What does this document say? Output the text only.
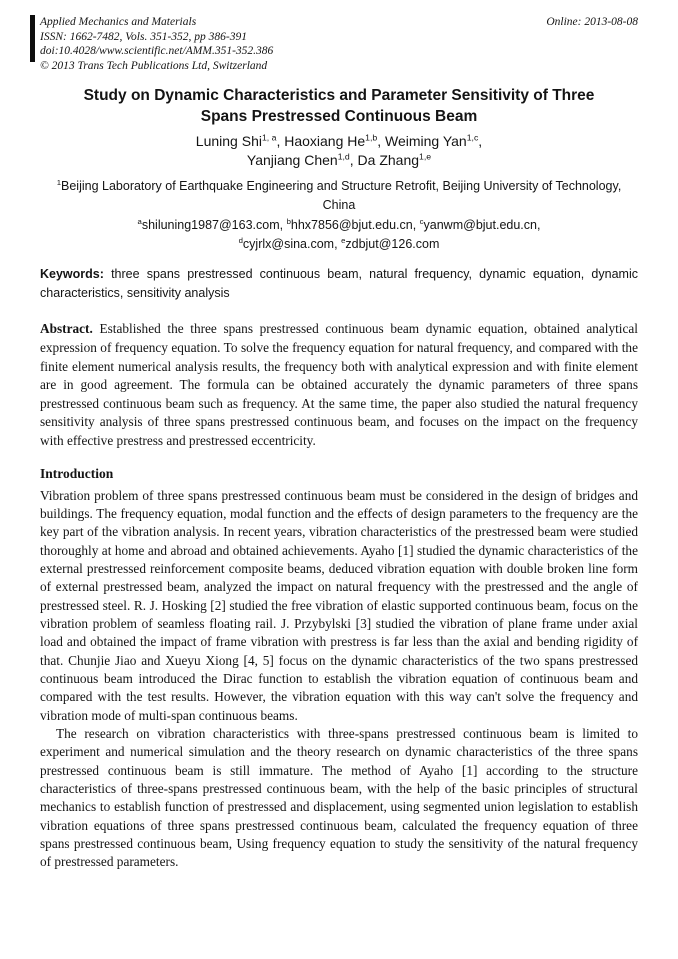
Applied Mechanics and Materials	Online: 2013-08-08
ISSN: 1662-7482, Vols. 351-352, pp 386-391
doi:10.4028/www.scientific.net/AMM.351-352.386
© 2013 Trans Tech Publications Ltd, Switzerland
Study on Dynamic Characteristics and Parameter Sensitivity of Three Spans Prestressed Continuous Beam
Luning Shi$^{1, a}$, Haoxiang He$^{1,b}$, Weiming Yan$^{1,c}$,
Yanjiang Chen$^{1,d}$, Da Zhang$^{1,e}$
$^1$Beijing Laboratory of Earthquake Engineering and Structure Retrofit, Beijing University of Technology, China
$^a$shiluning1987@163.com, $^b$hhx7856@bjut.edu.cn, $^c$yanwm@bjut.edu.cn,
$^d$cyjrlx@sina.com, $^e$zdbjut@126.com

Keywords: three spans prestressed continuous beam, natural frequency, dynamic equation, dynamic characteristics, sensitivity analysis

Abstract. Established the three spans prestressed continuous beam dynamic equation, obtained analytical expression of frequency equation. To solve the frequency equation for natural frequency, and compared with the finite element numerical analysis results, the frequency both with analytical expression and with finite element are in good agreement. The formula can be obtained accurately the dynamic parameters of three spans prestressed continuous beam such as frequency. At the same time, the paper also studied the natural frequency sensitivity analysis of three spans prestressed continuous beam, and focuses on the impact on the frequency with effective prestress and prestressed eccentricity.

Introduction

Vibration problem of three spans prestressed continuous beam must be considered in the design of bridges and buildings. The frequency equation, modal function and the effects of design parameters to the frequency are the key part of the vibration analysis. In recent years, vibration characteristics of the prestressed beam were studied thoroughly at home and abroad and obtained achievements. Ayaho [1] studied the dynamic characteristics of the external prestressed reinforcement composite beams, deduced vibration equation with double broken line form of external prestressed beam, analyzed the impact on natural frequency with the prestressed and the angle of prestressed steel. R. J. Hosking [2] studied the free vibration of elastic supported continuous beam, focus on the vibration problem of seamless floating rail. J. Przybylski [3] studied the vibration of plane frame under axial load and obtained the impact of frame vibration with prestress is far less than the axial and bending rigidity of that. Chunjie Jiao and Xueyu Xiong [4, 5] focus on the dynamic characteristics of the two spans prestressed continuous beam introduced the Dirac function to establish the vibration equation of continuous beam and compared with the test results. However, the vibration equation with this way can't solve the frequency and vibration mode of multi-span continuous beams.

The research on vibration characteristics with three-spans prestressed continuous beam is limited to experiment and numerical simulation and the theory research on dynamic characteristics of the three spans prestressed continuous beam is still immature. The method of Ayaho [1] according to the structure characteristics of three-spans prestressed continuous beam, with the help of the basic principles of structural mechanics to establish function of prestressed and displacement, using segmented union legislation to establish vibration equations of three spans prestressed continuous beam, calculated the frequency equation of three spans prestressed continuous beam, Using frequency equation to study the sensitivity of the natural frequency of prestressed parameters.
